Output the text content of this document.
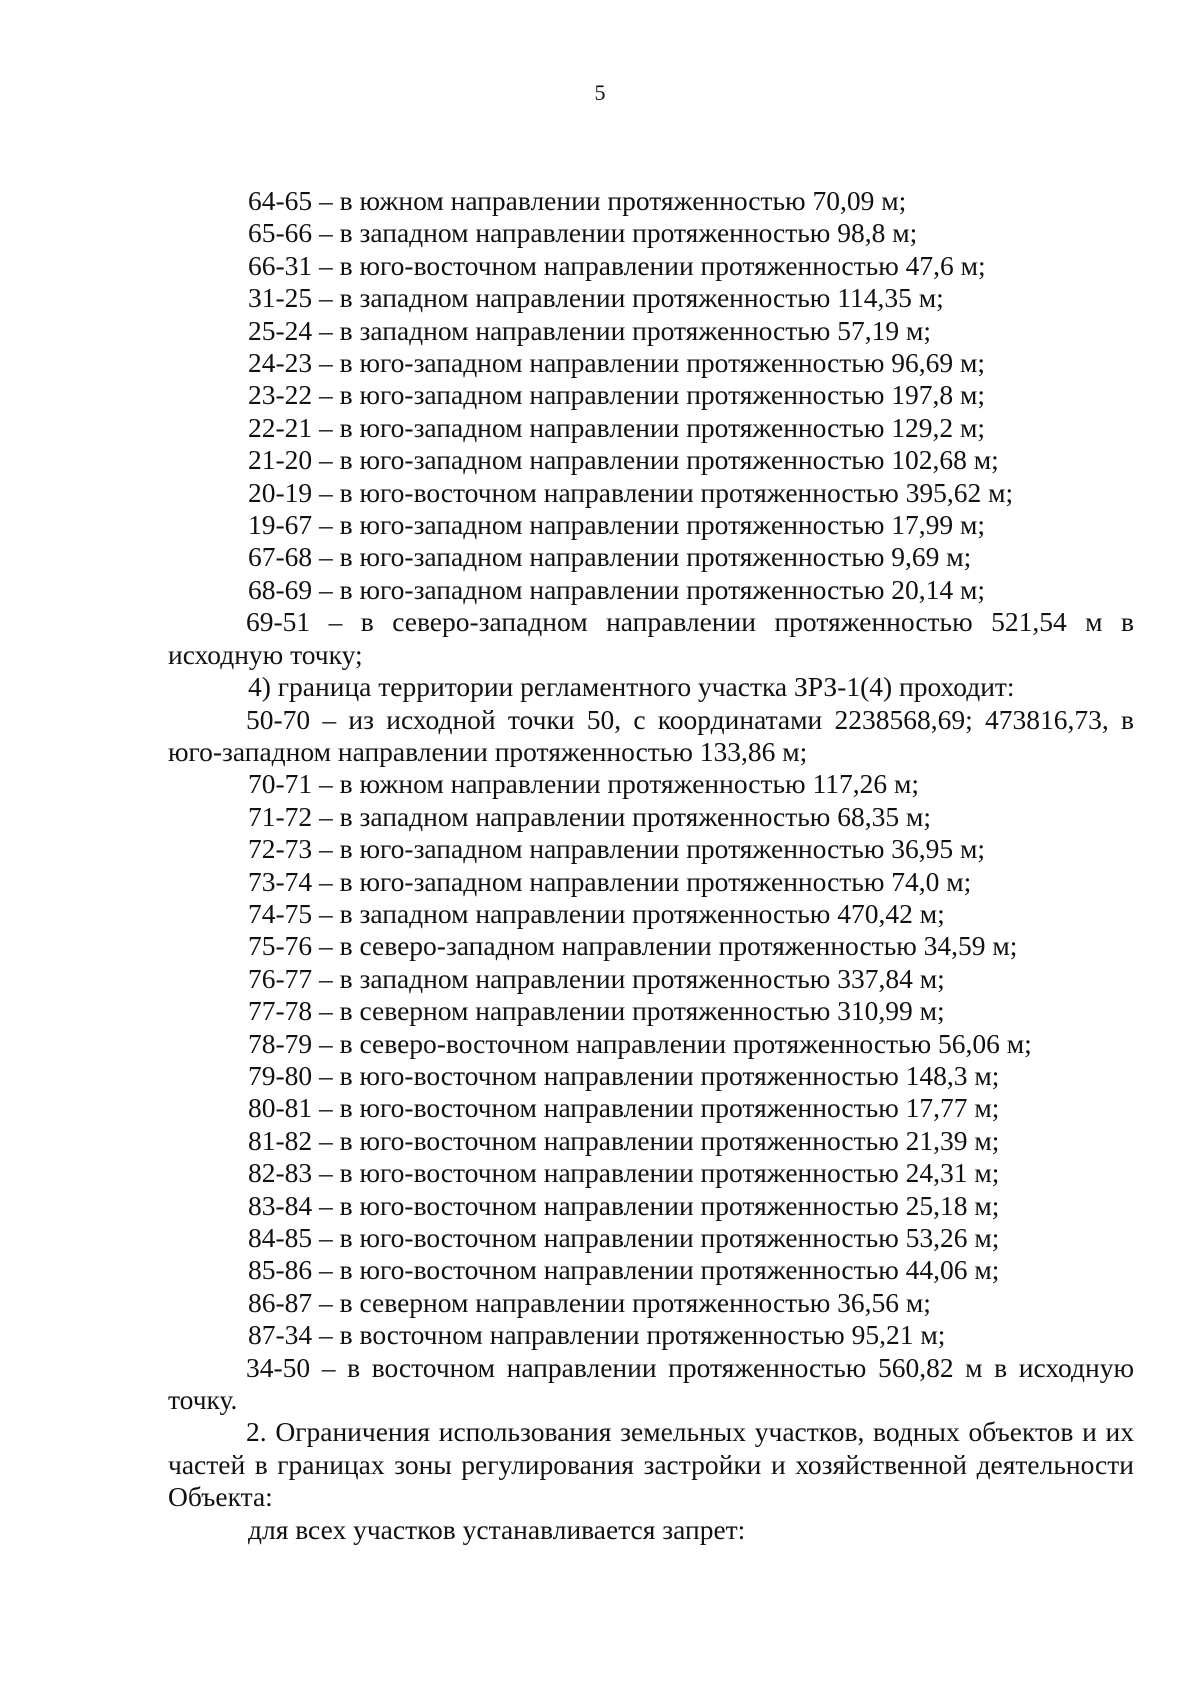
5
64-65 – в южном направлении протяженностью 70,09 м;
65-66 – в западном направлении протяженностью 98,8 м;
66-31 – в юго-восточном направлении протяженностью 47,6 м;
31-25 – в западном направлении протяженностью 114,35 м;
25-24 – в западном направлении протяженностью 57,19 м;
24-23 – в юго-западном направлении протяженностью 96,69 м;
23-22 – в юго-западном направлении протяженностью 197,8 м;
22-21 – в юго-западном направлении протяженностью 129,2 м;
21-20 – в юго-западном направлении протяженностью 102,68 м;
20-19 – в юго-восточном направлении протяженностью 395,62 м;
19-67 – в юго-западном направлении протяженностью 17,99 м;
67-68 – в юго-западном направлении протяженностью 9,69 м;
68-69 – в юго-западном направлении протяженностью 20,14 м;
69-51 – в северо-западном направлении протяженностью 521,54 м в исходную точку;
4) граница территории регламентного участка ЗРЗ-1(4) проходит:
50-70 – из исходной точки 50, с координатами 2238568,69; 473816,73, в юго-западном направлении протяженностью 133,86 м;
70-71 – в южном направлении протяженностью 117,26 м;
71-72 – в западном направлении протяженностью 68,35 м;
72-73 – в юго-западном направлении протяженностью 36,95 м;
73-74 – в юго-западном направлении протяженностью 74,0 м;
74-75 – в западном направлении протяженностью 470,42 м;
75-76 – в северо-западном направлении протяженностью 34,59 м;
76-77 – в западном направлении протяженностью 337,84 м;
77-78 – в северном направлении протяженностью 310,99 м;
78-79 – в северо-восточном направлении протяженностью 56,06 м;
79-80 – в юго-восточном направлении протяженностью 148,3 м;
80-81 – в юго-восточном направлении протяженностью 17,77 м;
81-82 – в юго-восточном направлении протяженностью 21,39 м;
82-83 – в юго-восточном направлении протяженностью 24,31 м;
83-84 – в юго-восточном направлении протяженностью 25,18 м;
84-85 – в юго-восточном направлении протяженностью 53,26 м;
85-86 – в юго-восточном направлении протяженностью 44,06 м;
86-87 – в северном направлении протяженностью 36,56 м;
87-34 – в восточном направлении протяженностью 95,21 м;
34-50 – в восточном направлении протяженностью 560,82 м в исходную точку.
2. Ограничения использования земельных участков, водных объектов и их частей в границах зоны регулирования застройки и хозяйственной деятельности Объекта:
для всех участков устанавливается запрет:
